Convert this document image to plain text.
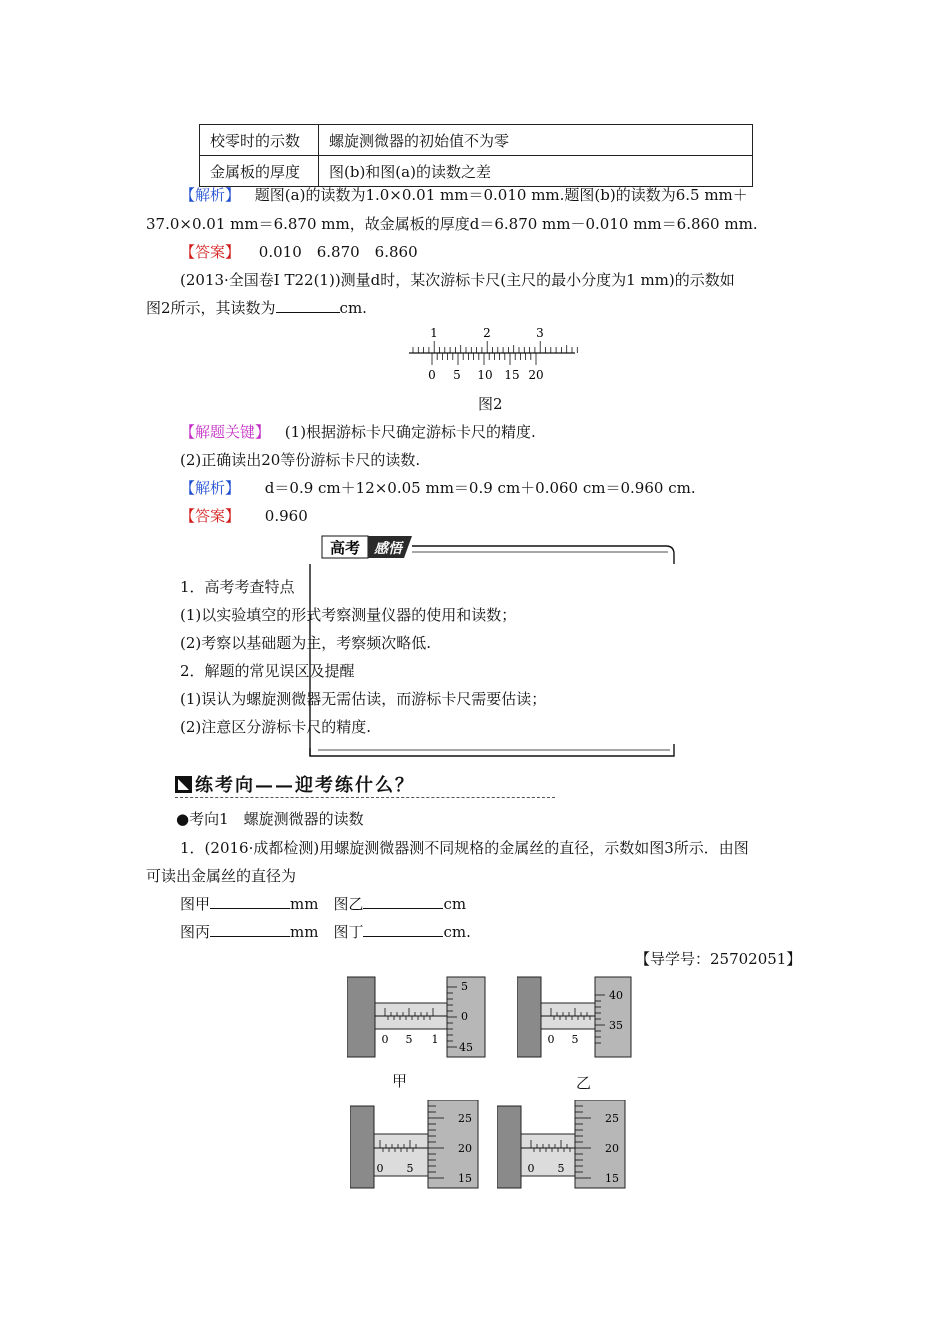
校零时的示数	螺旋测微器的初始值不为零
金属板的厚度	图(b)和图(a)的读数之差
【解析】 题图(a)的读数为1.0×0.01 mm＝0.010 mm.题图(b)的读数为6.5 mm＋
37.0×0.01 mm＝6.870 mm，故金属板的厚度d＝6.870 mm－0.010 mm＝6.860 mm.
【答案】 0.010　6.870　6.860
(2013·全国卷Ⅰ T22(1))测量d时，某次游标卡尺(主尺的最小分度为1 mm)的示数如
图2所示，其读数为	cm.
1	2	3
0 5 10 15 20
图2
【解题关键】 (1)根据游标卡尺确定游标卡尺的精度.
(2)正确读出20等份游标卡尺的读数.
【解析】 d＝0.9 cm＋12×0.05 mm＝0.9 cm＋0.060 cm＝0.960 cm.
【答案】 0.960
高考 感悟
1．高考考查特点
(1)以实验填空的形式考察测量仪器的使用和读数；
(2)考察以基础题为主，考察频次略低.
2．解题的常见误区及提醒
(1)误认为螺旋测微器无需估读，而游标卡尺需要估读；
(2)注意区分游标卡尺的精度.
练考向——迎考练什么？
●考向1　螺旋测微器的读数
1．(2016·成都检测)用螺旋测微器测不同规格的金属丝的直径，示数如图3所示．由图
可读出金属丝的直径为
图甲	mm　图乙	cm
图丙	mm　图丁	cm.
【导学号：25702051】
0 5 1
5
0
45
甲
0 5
40
35
乙
0 5
25
20
15
0 5
25
20
15
